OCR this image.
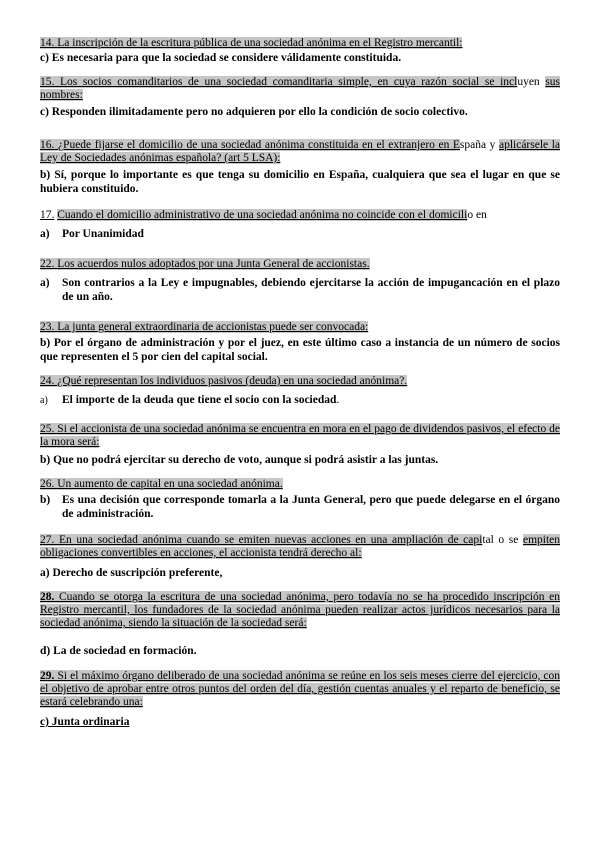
14. La inscripción de la escritura pública de una sociedad anónima en el Registro mercantil:

c) Es necesaria para que la sociedad se considere válidamente constituida.

15. Los socios comanditarios de una sociedad comanditaria simple, en cuya razón social se incluyen sus nombres:

c) Responden ilimitadamente pero no adquieren por ello la condición de socio colectivo.

16. ¿Puede fijarse el domicilio de una sociedad anónima constituida en el extranjero en España y aplicársele la Ley de Sociedades anónimas española? (art 5 LSA):

b) Sí, porque lo importante es que tenga su domicilio en España, cualquiera que sea el lugar en que se hubiera constituido.

17. Cuando el domicilio administrativo de una sociedad anónima no coincide con el domicilio en

a) Por Unanimidad

22. Los acuerdos nulos adoptados por una Junta General de accionistas.

a) Son contrarios a la Ley e impugnables, debiendo ejercitarse la acción de impugancación en el plazo de un año.

23. La junta general extraordinaria de accionistas puede ser convocada:

b) Por el órgano de administración y por el juez, en este último caso a instancia de un número de socios que representen el 5 por cien del capital social.

24. ¿Qué representan los individuos pasivos (deuda) en una sociedad anónima?.

a) El importe de la deuda que tiene el socio con la sociedad.

25. Si el accionista de una sociedad anónima se encuentra en mora en el pago de dividendos pasivos, el efecto de la mora será:

b) Que no podrá ejercitar su derecho de voto, aunque si podrá asistir a las juntas.

26. Un aumento de capital en una sociedad anónima.

b) Es una decisión que corresponde tomarla a la Junta General, pero que puede delegarse en el órgano de administración.

27. En una sociedad anónima cuando se emiten nuevas acciones en una ampliación de capital o se empiten obligaciones convertibles en acciones, el accionista tendrá derecho al:

a) Derecho de suscripción preferente,

28. Cuando se otorga la escritura de una sociedad anónima, pero todavía no se ha procedido inscripción en Registro mercantil, los fundadores de la sociedad anónima pueden realizar actos jurídicos necesarios para la sociedad anónima, siendo la situación de la sociedad será:

d) La de sociedad en formación.

29. Si el máximo órgano deliberado de una sociedad anónima se reúne en los seis meses cierre del ejercicio, con el objetivo de aprobar entre otros puntos del orden del día, gestión cuentas anuales y el reparto de beneficio, se estará celebrando una:

c) Junta ordinaria
